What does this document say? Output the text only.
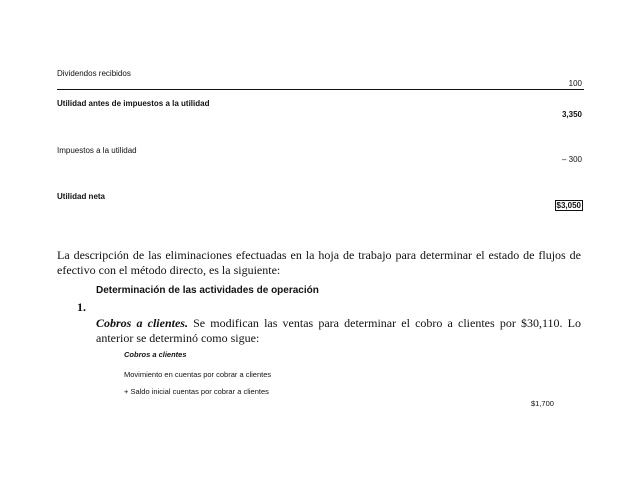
Dividendos recibidos
100
Utilidad antes de impuestos a la utilidad
3,350
Impuestos a la utilidad
– 300
Utilidad neta
$3,050
La descripción de las eliminaciones efectuadas en la hoja de trabajo para determinar el estado de flujos de efectivo con el método directo, es la siguiente:
Determinación de las actividades de operación
1.
Cobros a clientes. Se modifican las ventas para determinar el cobro a clientes por $30,110. Lo anterior se determinó como sigue:
Cobros a clientes
Movimiento en cuentas por cobrar a clientes
+ Saldo inicial cuentas por cobrar a clientes
$1,700
